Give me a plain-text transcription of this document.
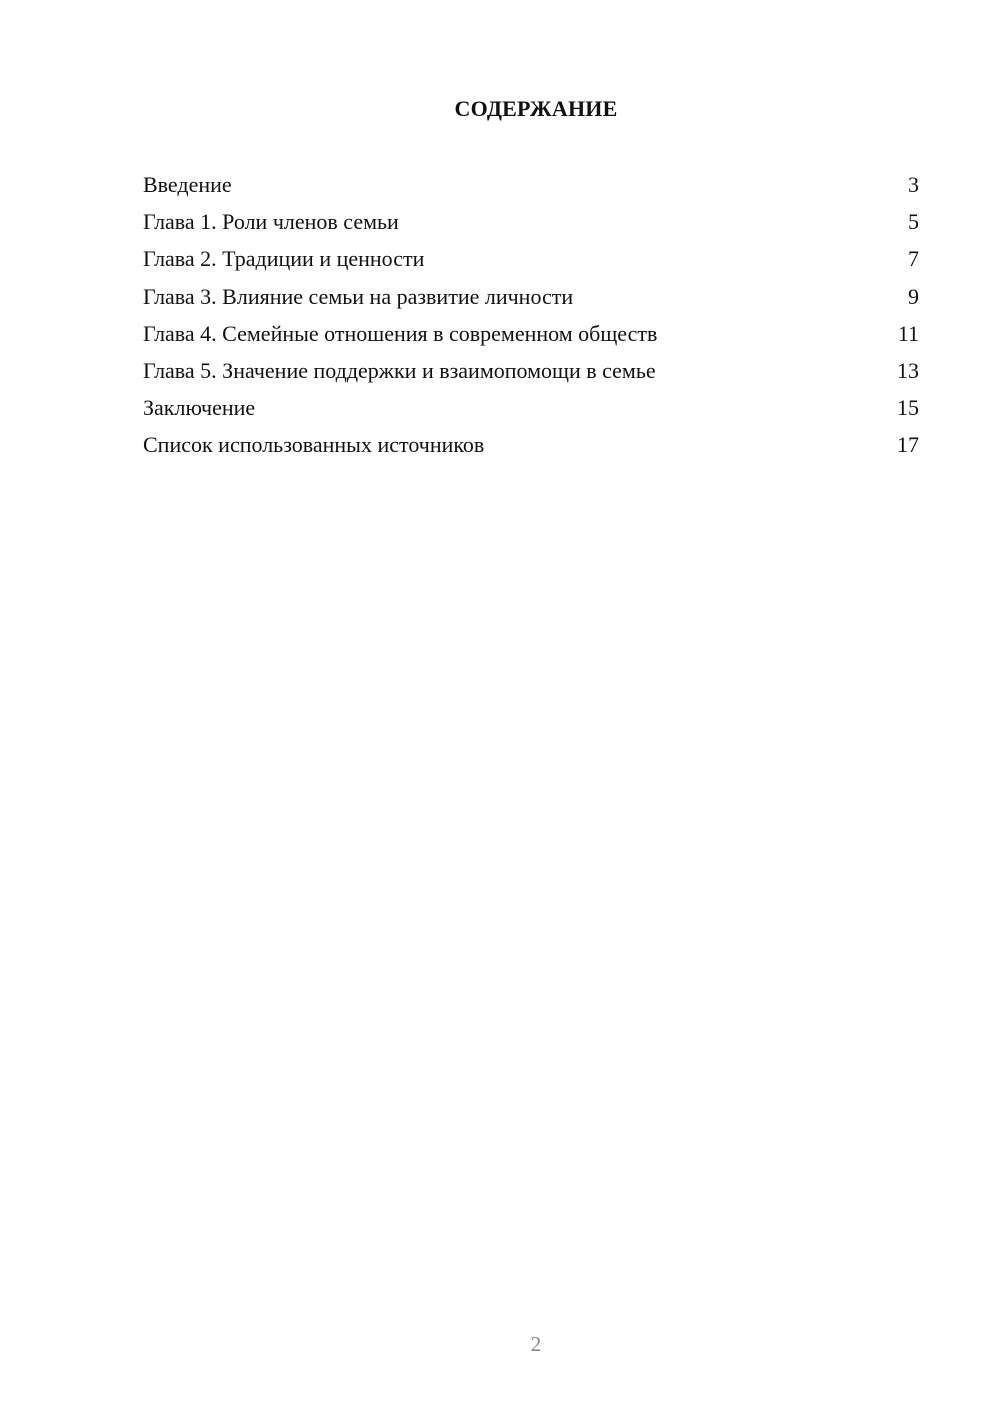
СОДЕРЖАНИЕ
Введение	3
Глава 1. Роли членов семьи	5
Глава 2. Традиции и ценности	7
Глава 3. Влияние семьи на развитие личности	9
Глава 4. Семейные отношения в современном обществ	11
Глава 5. Значение поддержки и взаимопомощи в семье	13
Заключение	15
Список использованных источников	17
2
